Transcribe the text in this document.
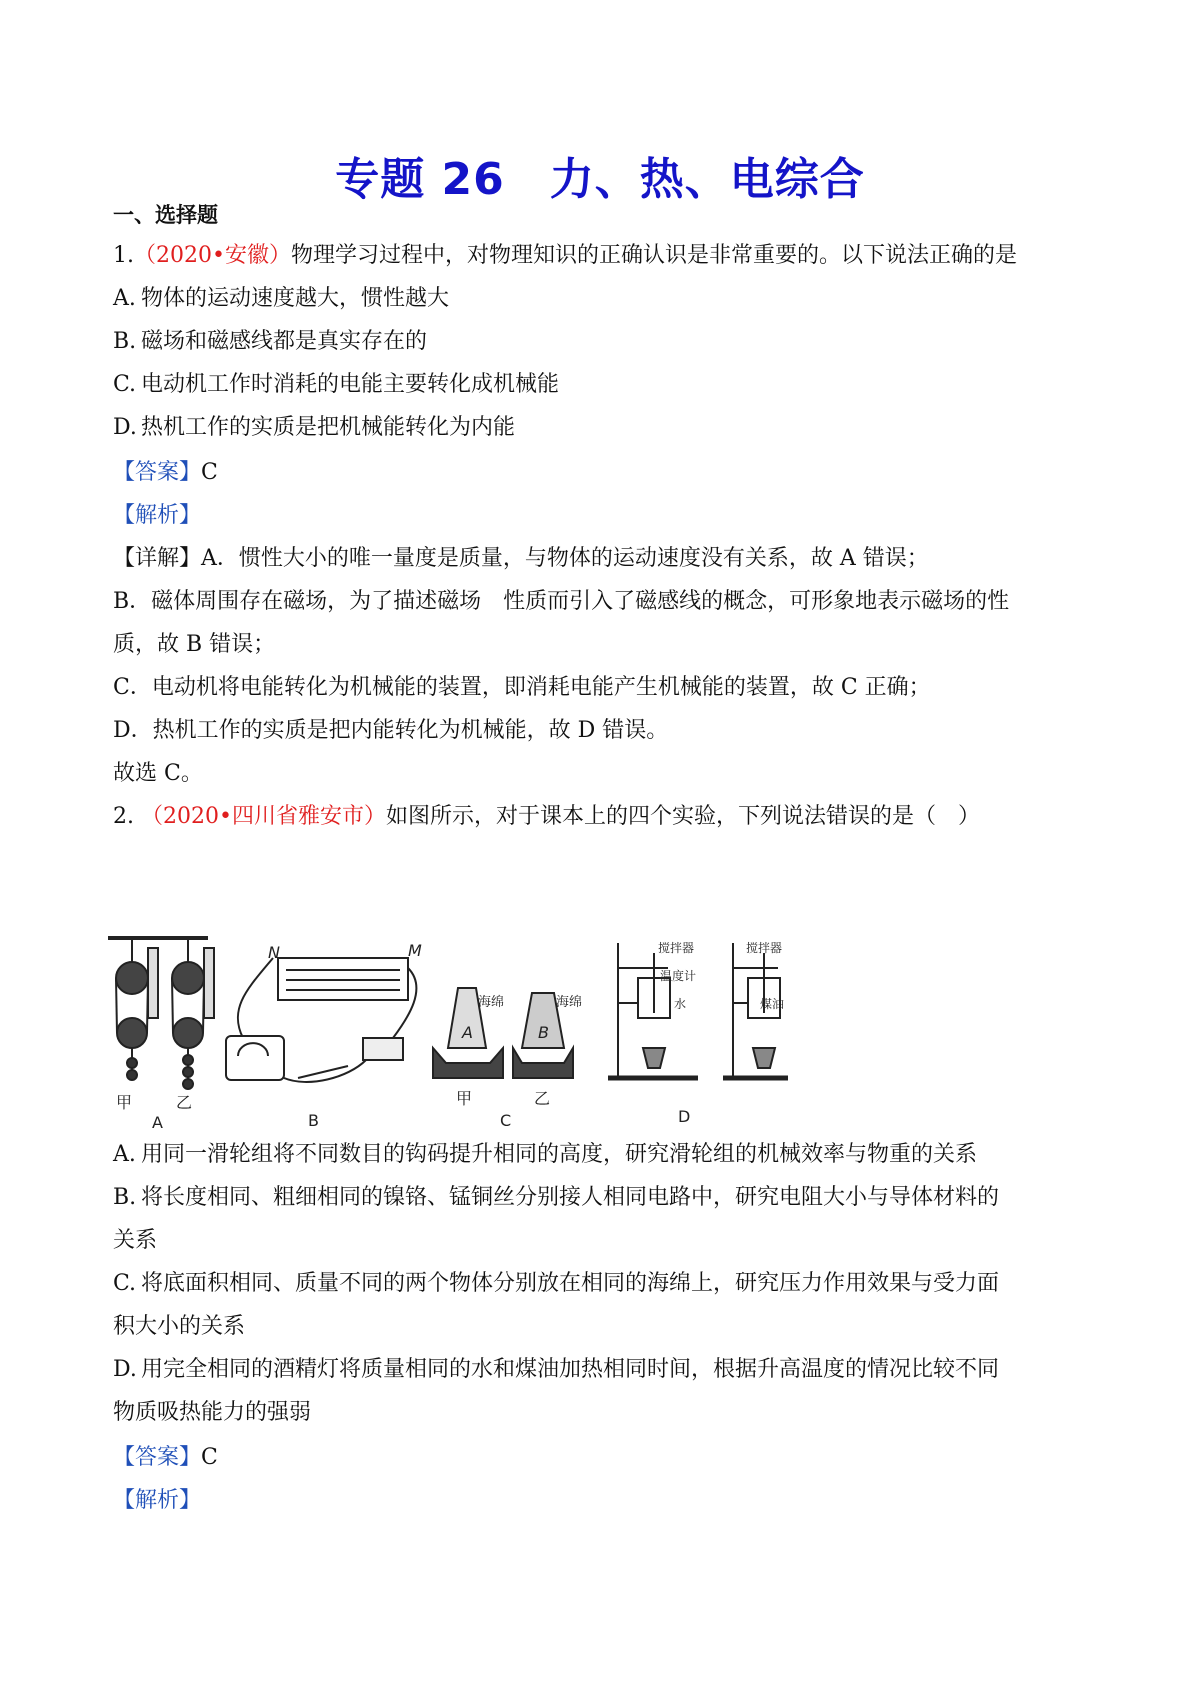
专题 26　力、热、电综合
一、选择题
1.（2020•安徽）物理学习过程中，对物理知识的正确认识是非常重要的。以下说法正确的是
A. 物体的运动速度越大，惯性越大
B. 磁场和磁感线都是真实存在的
C. 电动机工作时消耗的电能主要转化成机械能
D. 热机工作的实质是把机械能转化为内能
【答案】C
【解析】
【详解】A．惯性大小的唯一量度是质量，与物体的运动速度没有关系，故 A 错误；
B．磁体周围存在磁场，为了描述磁场　性质而引入了磁感线的概念，可形象地表示磁场的性
质，故 B 错误；
C．电动机将电能转化为机械能的装置，即消耗电能产生机械能的装置，故 C 正确；
D．热机工作的实质是把内能转化为机械能，故 D 错误。
故选 C。
2. （2020•四川省雅安市）如图所示，对于课本上的四个实验，下列说法错误的是（　）
甲	乙
A
N	M
B
A	B
海绵	海绵
甲	乙
C
搅拌器	搅拌器
温度计
水	煤油
D
A. 用同一滑轮组将不同数目的钩码提升相同的高度，研究滑轮组的机械效率与物重的关系
B. 将长度相同、粗细相同的镍铬、锰铜丝分别接人相同电路中，研究电阻大小与导体材料的
关系
C. 将底面积相同、质量不同的两个物体分别放在相同的海绵上，研究压力作用效果与受力面
积大小的关系
D. 用完全相同的酒精灯将质量相同的水和煤油加热相同时间，根据升高温度的情况比较不同
物质吸热能力的强弱
【答案】C
【解析】
